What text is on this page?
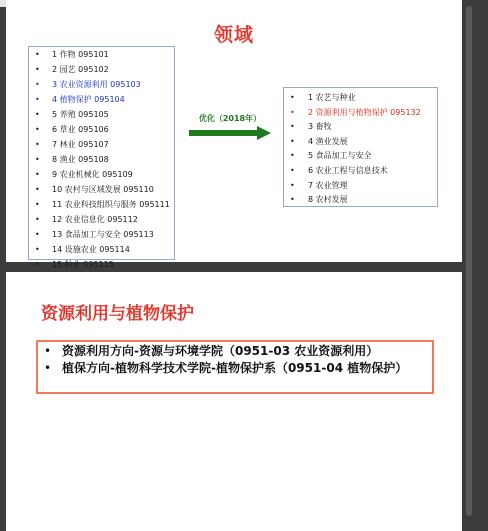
领域
• 1 作物 095101
• 2 园艺 095102
• 3 农业资源利用 095103
• 4 植物保护 095104
• 5 养殖 095105
• 6 草业 095106
• 7 林业 095107
• 8 渔业 095108
• 9 农业机械化 095109
• 10 农村与区域发展 095110
• 11 农业科技组织与服务 095111
• 12 农业信息化 095112
• 13 食品加工与安全 095113
• 14 设施农业 095114
• 15 种业 095115
优化（2018年）
• 1 农艺与种业
• 2 资源利用与植物保护 095132
• 3 畜牧
• 4 渔业发展
• 5 食品加工与安全
• 6 农业工程与信息技术
• 7 农业管理
• 8 农村发展
资源利用与植物保护
• 资源利用方向-资源与环境学院（0951-03 农业资源利用）
• 植保方向-植物科学技术学院-植物保护系（0951-04 植物保护）
